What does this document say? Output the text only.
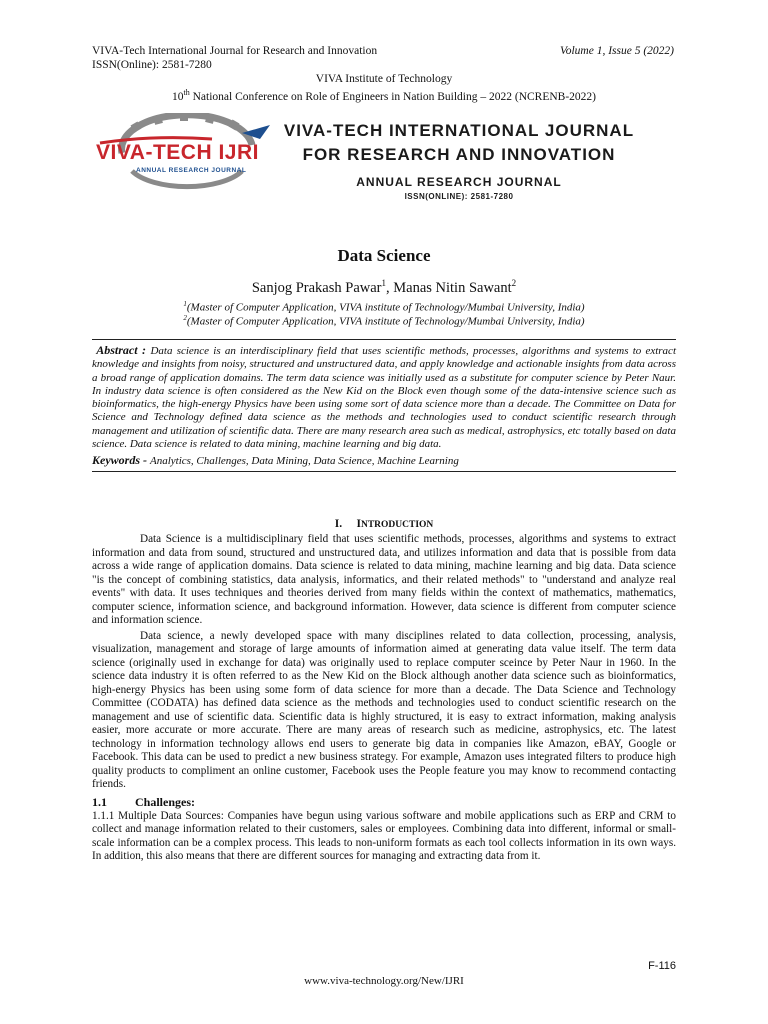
VIVA-Tech International Journal for Research and Innovation
ISSN(Online): 2581-7280
Volume 1, Issue 5 (2022)
VIVA Institute of Technology
10th National Conference on Role of Engineers in Nation Building – 2022 (NCRENB-2022)
VIVA-TECH IJRI
ANNUAL RESEARCH JOURNAL
VIVA-TECH INTERNATIONAL JOURNAL
FOR RESEARCH AND INNOVATION
ANNUAL RESEARCH JOURNAL
ISSN(ONLINE): 2581-7280
Data Science
Sanjog Prakash Pawar$^1$, Manas Nitin Sawant$^2$
$^1$(Master of Computer Application, VIVA institute of Technology/Mumbai University, India)
$^2$(Master of Computer Application, VIVA institute of Technology/Mumbai University, India)

Abstract : Data science is an interdisciplinary field that uses scientific methods, processes, algorithms and systems to extract knowledge and insights from noisy, structured and unstructured data, and apply knowledge and actionable insights from data across a broad range of application domains. The term data science was initially used as a substitute for computer science by Peter Naur. In industry data science is often considered as the New Kid on the Block even though some of the data-intensive science such as bioinformatics, the high-energy Physics have been using some sort of data science more than a decade. The Committee on Data for Science and Technology defined data science as the methods and technologies used to conduct scientific research through management and utilization of scientific data. There are many research area such as medical, astrophysics, etc totally based on data science. Data science is related to data mining, machine learning and big data.

Keywords - Analytics, Challenges, Data Mining, Data Science, Machine Learning

I. INTRODUCTION

Data Science is a multidisciplinary field that uses scientific methods, processes, algorithms and systems to extract information and data from sound, structured and unstructured data, and utilizes information and data that is possible from data across a wide range of application domains. Data science is related to data mining, machine learning and big data. Data science "is the concept of combining statistics, data analysis, informatics, and their related methods" to "understand and analyze real events" with data. It uses techniques and theories derived from many fields within the context of mathematics, mathematics, computer science, information science, and background information. However, data science is different from computer science and information science.

Data science, a newly developed space with many disciplines related to data collection, processing, analysis, visualization, management and storage of large amounts of information aimed at generating data value itself. The term data science (originally used in exchange for data) was originally used to replace computer sceince by Peter Naur in 1960. In the science data industry it is often referred to as the New Kid on the Block although another data science such as bioinformatics, high-energy Physics has been using some form of data science for more than a decade. The Data Science and Technology Committee (CODATA) has defined data science as the methods and technologies used to conduct scientific research on the management and use of scientific data. Scientific data is highly structured, it is easy to extract information, making analysis easier, more accurate or more accurate. There are many areas of research such as medicine, astrophysics, etc. The latest technology in information technology allows end users to generate big data in companies like Amazon, eBAY, Google or Facebook. This data can be used to predict a new business strategy. For example, Amazon uses integrated filters to produce high quality products to compliment an online customer, Facebook uses the People feature you may know to recommend contacting friends.

1.1 Challenges:

1.1.1 Multiple Data Sources: Companies have begun using various software and mobile applications such as ERP and CRM to collect and manage information related to their customers, sales or employees. Combining data into different, informal or small-scale information can be a complex process. This leads to non-uniform formats as each tool collects information in its own ways. In addition, this also means that there are different sources for managing and extracting data from it.

F-116
www.viva-technology.org/New/IJRI
